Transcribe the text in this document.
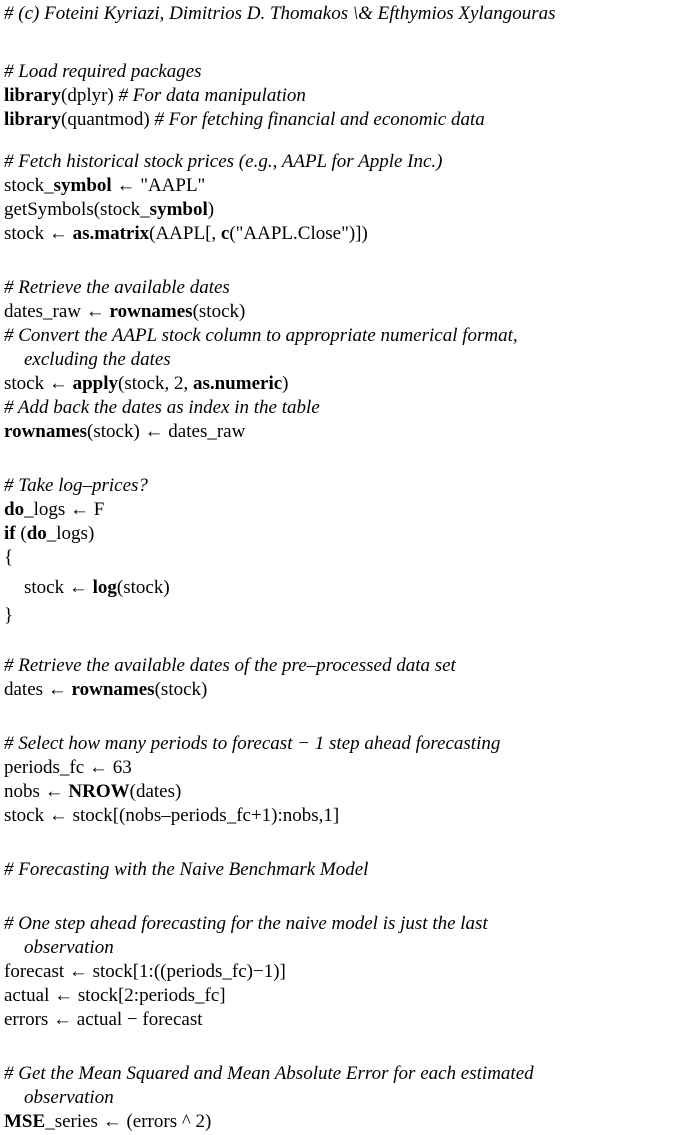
# (c) Foteini Kyriazi, Dimitrios D. Thomakos \& Efthymios Xylangouras
# Load required packages
library(dplyr) # For data manipulation
library(quantmod) # For fetching financial and economic data
# Fetch historical stock prices (e.g., AAPL for Apple Inc.)
stock_symbol ← "AAPL"
getSymbols(stock_symbol)
stock ← as.matrix(AAPL[, c("AAPL.Close")])
# Retrieve the available dates
dates_raw ← rownames(stock)
# Convert the AAPL stock column to appropriate numerical format,
excluding the dates
stock ← apply(stock, 2, as.numeric)
# Add back the dates as index in the table
rownames(stock) ← dates_raw
# Take log–prices?
do_logs ← F
if (do_logs)
{
stock ← log(stock)
}
# Retrieve the available dates of the pre–processed data set
dates ← rownames(stock)
# Select how many periods to forecast − 1 step ahead forecasting
periods_fc ← 63
nobs ← NROW(dates)
stock ← stock[(nobs–periods_fc+1):nobs,1]
# Forecasting with the Naive Benchmark Model
# One step ahead forecasting for the naive model is just the last
observation
forecast ← stock[1:((periods_fc)−1)]
actual ← stock[2:periods_fc]
errors ← actual − forecast
# Get the Mean Squared and Mean Absolute Error for each estimated
observation
MSE_series ← (errors ^ 2)
